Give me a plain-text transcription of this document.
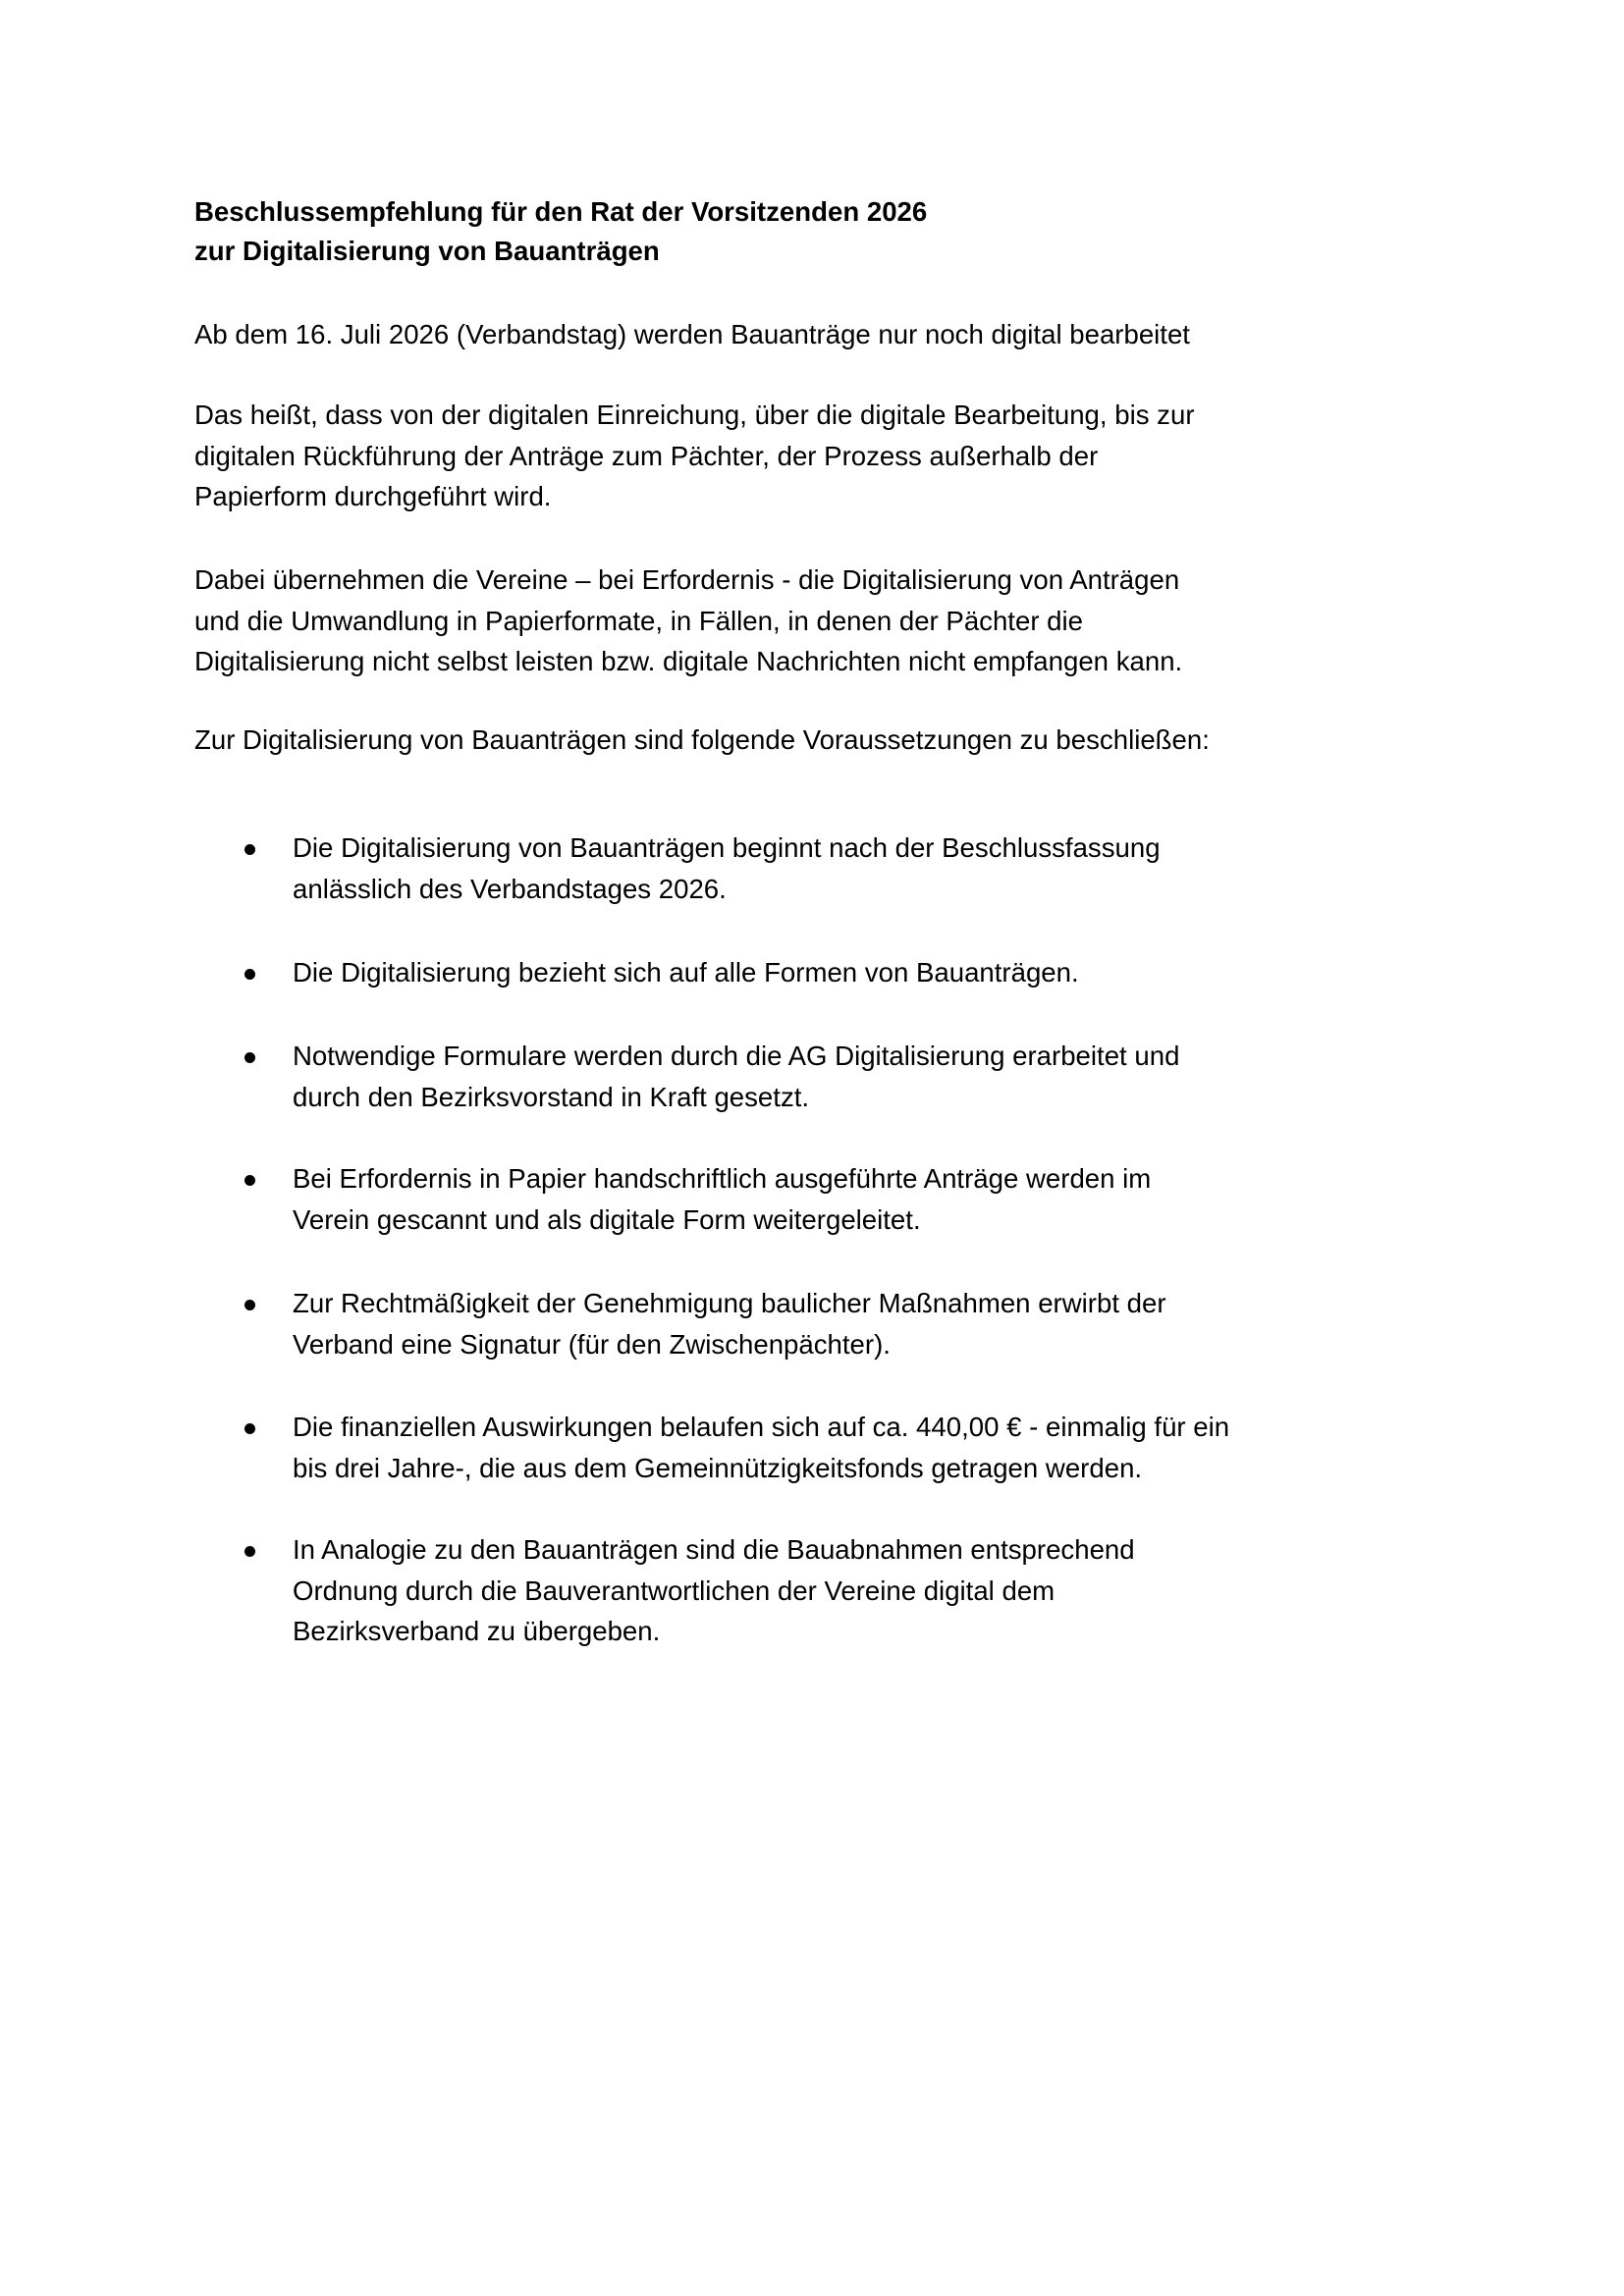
Beschlussempfehlung für den Rat der Vorsitzenden 2026
zur Digitalisierung von Bauanträgen
Ab dem 16. Juli 2026 (Verbandstag) werden Bauanträge nur noch digital bearbeitet
Das heißt, dass von der digitalen Einreichung, über die digitale Bearbeitung, bis zur
digitalen Rückführung der Anträge zum Pächter, der Prozess außerhalb der
Papierform durchgeführt wird.
Dabei übernehmen die Vereine – bei Erfordernis - die Digitalisierung von Anträgen
und die Umwandlung in Papierformate, in Fällen, in denen der Pächter die
Digitalisierung nicht selbst leisten bzw. digitale Nachrichten nicht empfangen kann.
Zur Digitalisierung von Bauanträgen sind folgende Voraussetzungen zu beschließen:
Die Digitalisierung von Bauanträgen beginnt nach der Beschlussfassung
anlässlich des Verbandstages 2026.
Die Digitalisierung bezieht sich auf alle Formen von Bauanträgen.
Notwendige Formulare werden durch die AG Digitalisierung erarbeitet und
durch den Bezirksvorstand in Kraft gesetzt.
Bei Erfordernis in Papier handschriftlich ausgeführte Anträge werden im
Verein gescannt und als digitale Form weitergeleitet.
Zur Rechtmäßigkeit der Genehmigung baulicher Maßnahmen erwirbt der
Verband eine Signatur (für den Zwischenpächter).
Die finanziellen Auswirkungen belaufen sich auf ca. 440,00 € - einmalig für ein
bis drei Jahre-, die aus dem Gemeinnützigkeitsfonds getragen werden.
In Analogie zu den Bauanträgen sind die Bauabnahmen entsprechend
Ordnung durch die Bauverantwortlichen der Vereine digital dem
Bezirksverband zu übergeben.
